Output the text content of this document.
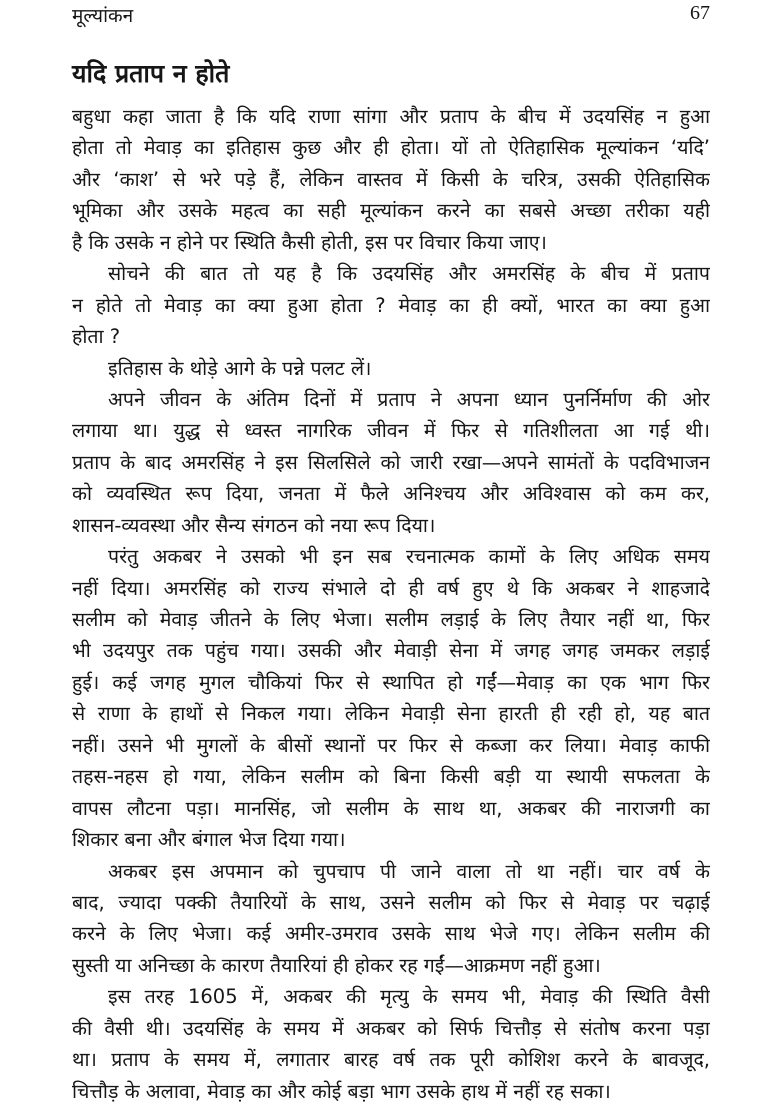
मूल्यांकन	67
यदि प्रताप न होते
बहुधा कहा जाता है कि यदि राणा सांगा और प्रताप के बीच में उदयसिंह न हुआ
होता तो मेवाड़ का इतिहास कुछ और ही होता। यों तो ऐतिहासिक मूल्यांकन ‘यदि’
और ‘काश’ से भरे पड़े हैं, लेकिन वास्तव में किसी के चरित्र, उसकी ऐतिहासिक
भूमिका और उसके महत्व का सही मूल्यांकन करने का सबसे अच्छा तरीका यही
है कि उसके न होने पर स्थिति कैसी होती, इस पर विचार किया जाए।
सोचने की बात तो यह है कि उदयसिंह और अमरसिंह के बीच में प्रताप
न होते तो मेवाड़ का क्या हुआ होता ? मेवाड़ का ही क्यों, भारत का क्या हुआ
होता ?
इतिहास के थोड़े आगे के पन्ने पलट लें।
अपने जीवन के अंतिम दिनों में प्रताप ने अपना ध्यान पुनर्निर्माण की ओर
लगाया था। युद्ध से ध्वस्त नागरिक जीवन में फिर से गतिशीलता आ गई थी।
प्रताप के बाद अमरसिंह ने इस सिलसिले को जारी रखा—अपने सामंतों के पदविभाजन
को व्यवस्थित रूप दिया, जनता में फैले अनिश्चय और अविश्वास को कम कर,
शासन-व्यवस्था और सैन्य संगठन को नया रूप दिया।
परंतु अकबर ने उसको भी इन सब रचनात्मक कामों के लिए अधिक समय
नहीं दिया। अमरसिंह को राज्य संभाले दो ही वर्ष हुए थे कि अकबर ने शाहजादे
सलीम को मेवाड़ जीतने के लिए भेजा। सलीम लड़ाई के लिए तैयार नहीं था, फिर
भी उदयपुर तक पहुंच गया। उसकी और मेवाड़ी सेना में जगह जगह जमकर लड़ाई
हुई। कई जगह मुगल चौकियां फिर से स्थापित हो गईं—मेवाड़ का एक भाग फिर
से राणा के हाथों से निकल गया। लेकिन मेवाड़ी सेना हारती ही रही हो, यह बात
नहीं। उसने भी मुगलों के बीसों स्थानों पर फिर से कब्जा कर लिया। मेवाड़ काफी
तहस-नहस हो गया, लेकिन सलीम को बिना किसी बड़ी या स्थायी सफलता के
वापस लौटना पड़ा। मानसिंह, जो सलीम के साथ था, अकबर की नाराजगी का
शिकार बना और बंगाल भेज दिया गया।
अकबर इस अपमान को चुपचाप पी जाने वाला तो था नहीं। चार वर्ष के
बाद, ज्यादा पक्की तैयारियों के साथ, उसने सलीम को फिर से मेवाड़ पर चढ़ाई
करने के लिए भेजा। कई अमीर-उमराव उसके साथ भेजे गए। लेकिन सलीम की
सुस्ती या अनिच्छा के कारण तैयारियां ही होकर रह गईं—आक्रमण नहीं हुआ।
इस तरह 1605 में, अकबर की मृत्यु के समय भी, मेवाड़ की स्थिति वैसी
की वैसी थी। उदयसिंह के समय में अकबर को सिर्फ चित्तौड़ से संतोष करना पड़ा
था। प्रताप के समय में, लगातार बारह वर्ष तक पूरी कोशिश करने के बावजूद,
चित्तौड़ के अलावा, मेवाड़ का और कोई बड़ा भाग उसके हाथ में नहीं रह सका।
